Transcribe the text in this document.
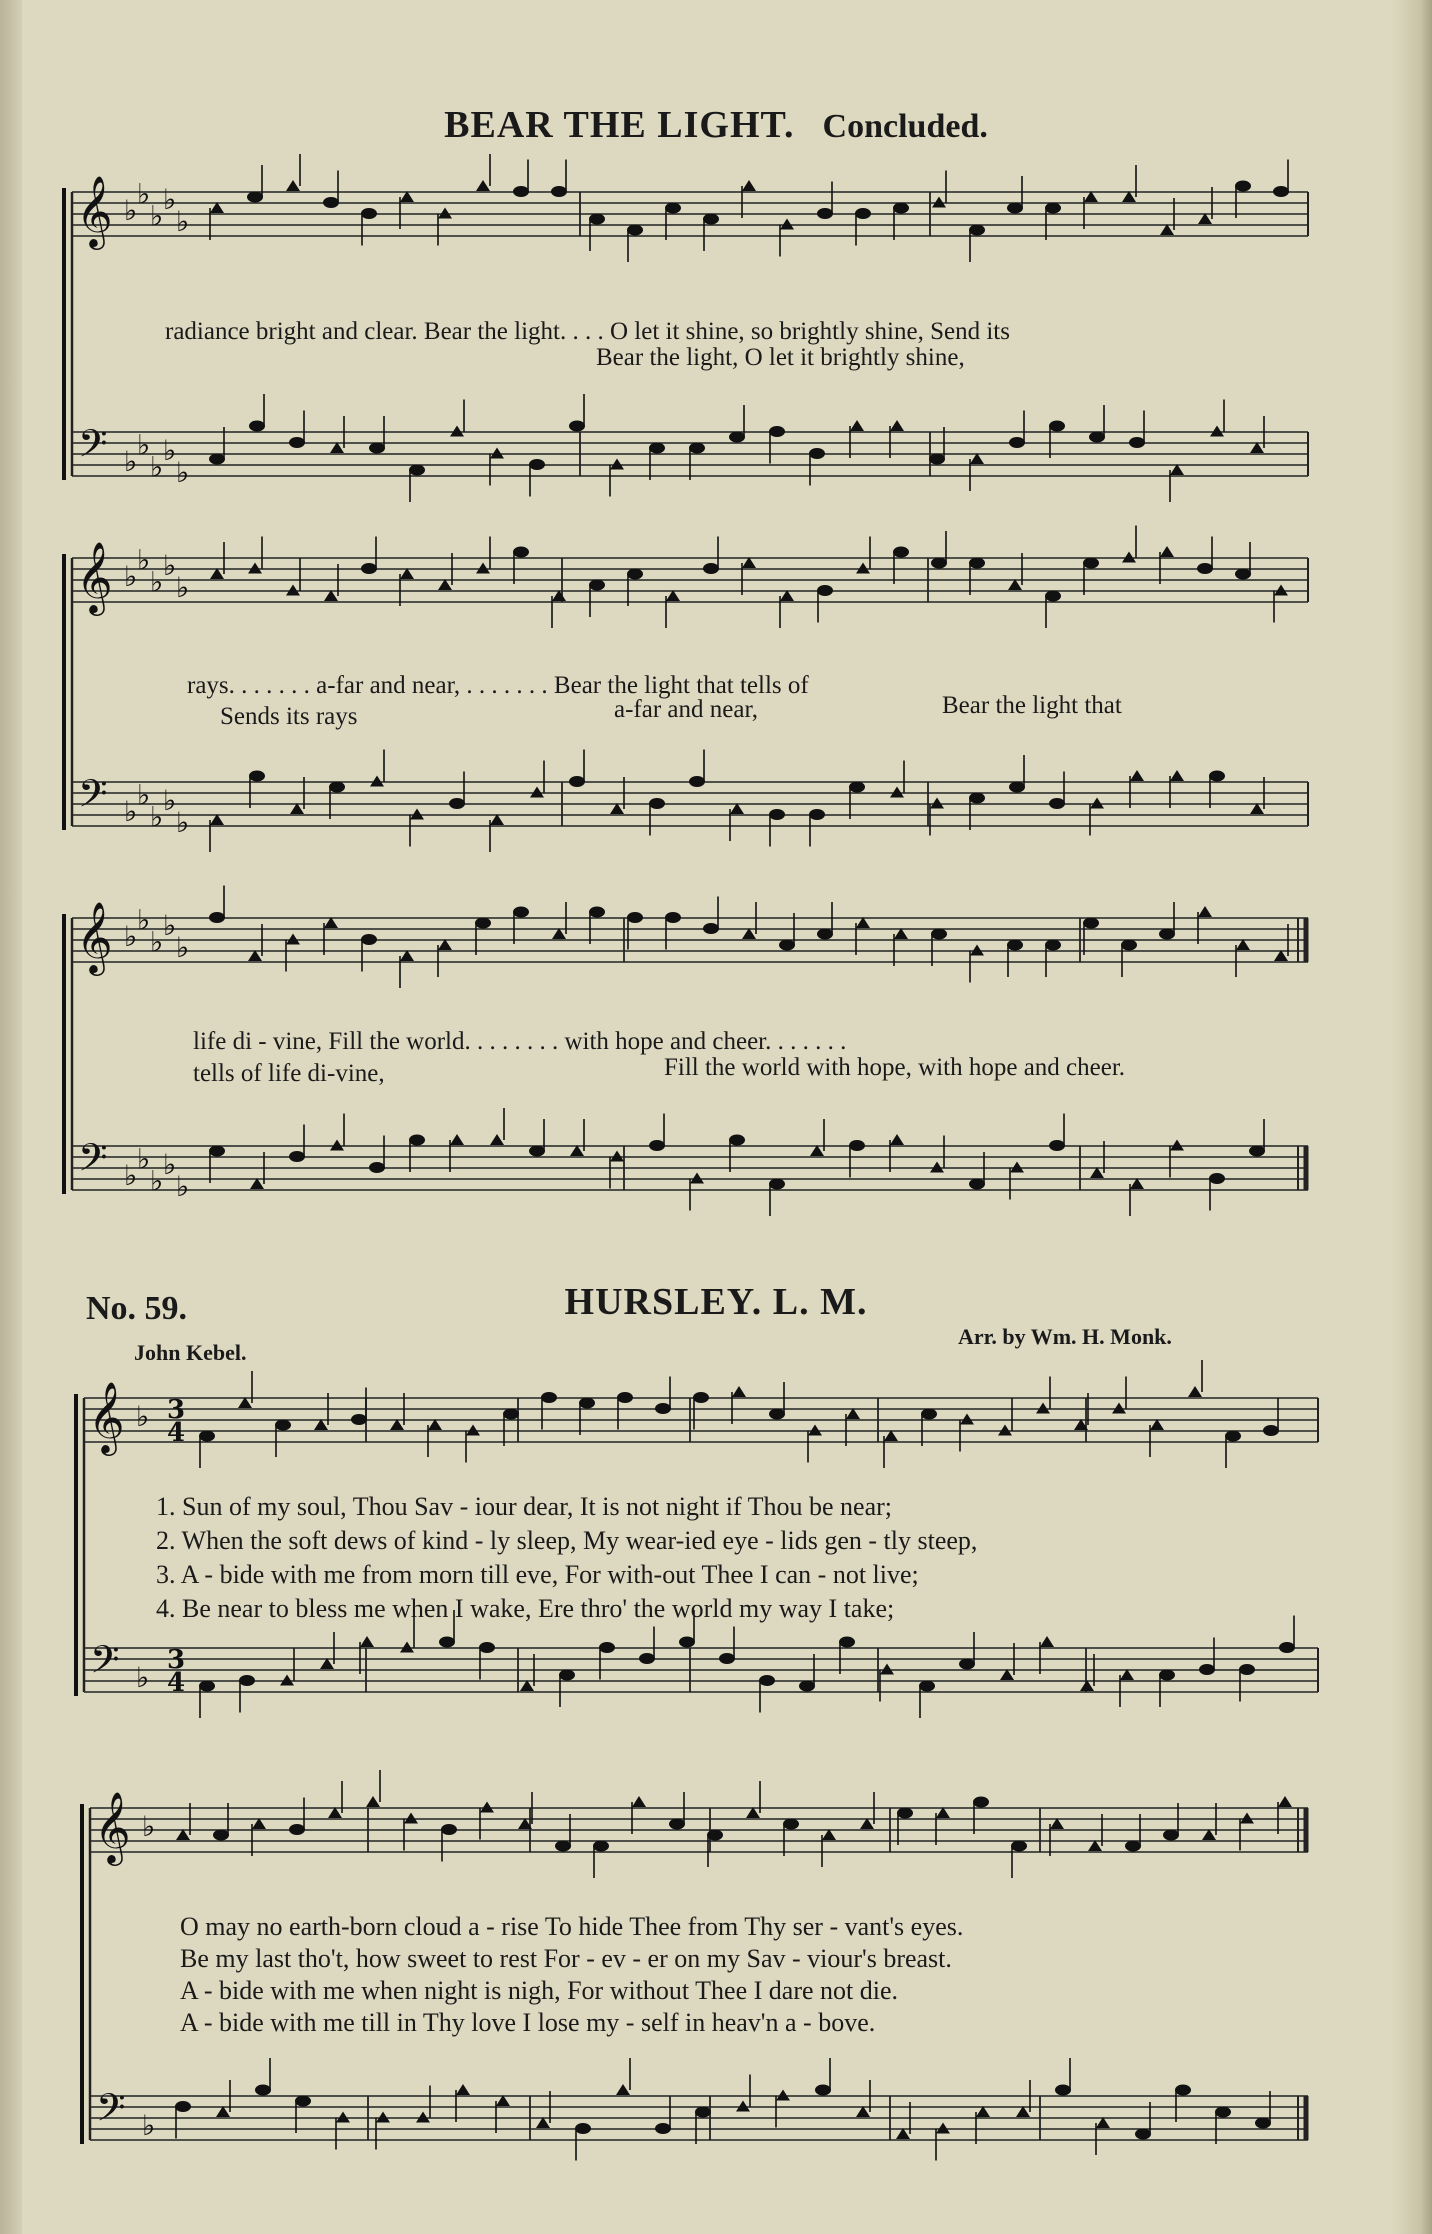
𝄞
𝄢
♭ ♭
♭ ♭
♭
♭ ♭
♭ ♭
♭
𝄞
𝄢
♭ ♭
♭ ♭
♭
♭ ♭
♭ ♭
♭
𝄞
𝄢
♭ ♭
♭ ♭
♭
♭ ♭
♭ ♭
♭
𝄞
𝄢
♭
♭
3
4
3
4
𝄞
𝄢
♭
♭
BEAR THE LIGHT. Concluded.
radiance bright and clear. Bear the light. . . . O let it shine, so brightly shine, Send its
Bear the light, O let it brightly shine,
rays. . . . . . . a-far and near, . . . . . . . Bear the light that tells of
Sends its rays	a-far and near,	Bear the light that
life di - vine, Fill the world. . . . . . . . with hope and cheer. . . . . . .
tells of life di-vine,	Fill the world with hope, with hope and cheer.
No. 59.	HURSLEY. L. M.
John Kebel.
Arr. by Wm. H. Monk.
1. Sun of my soul, Thou Sav - iour dear, It is not night if Thou be near;
2. When the soft dews of kind - ly sleep, My wear-ied eye - lids gen - tly steep,
3. A - bide with me from morn till eve, For with-out Thee I can - not live;
4. Be near to bless me when I wake, Ere thro' the world my way I take;
O may no earth-born cloud a - rise To hide Thee from Thy ser - vant's eyes.
Be my last tho't, how sweet to rest For - ev - er on my Sav - viour's breast.
A - bide with me when night is nigh, For without Thee I dare not die.
A - bide with me till in Thy love I lose my - self in heav'n a - bove.
